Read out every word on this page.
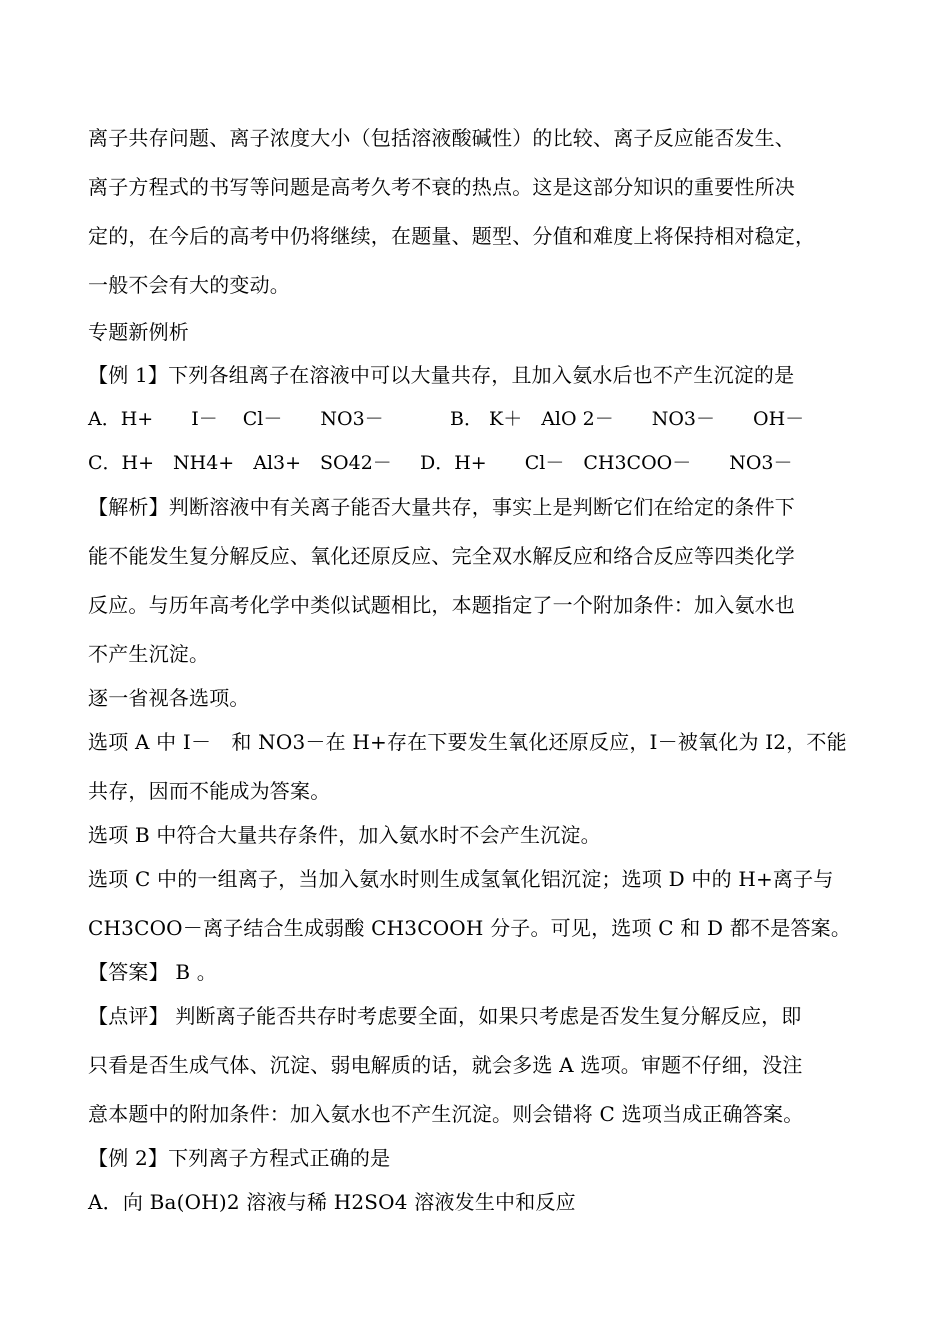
离子共存问题、离子浓度大小（包括溶液酸碱性）的比较、离子反应能否发生、
离子方程式的书写等问题是高考久考不衰的热点。这是这部分知识的重要性所决
定的，在今后的高考中仍将继续，在题量、题型、分值和难度上将保持相对稳定，
一般不会有大的变动。
专题新例析
【例 1】下列各组离子在溶液中可以大量共存，且加入氨水后也不产生沉淀的是
A．H+　　I－　 Cl－　　NO3－	B． K＋　AlO 2－　　NO3－　　OH－
C．H+　NH4+　Al3+　SO42－ D．H+　　Cl－　CH3COO－　　NO3－
【解析】判断溶液中有关离子能否大量共存，事实上是判断它们在给定的条件下
能不能发生复分解反应、氧化还原反应、完全双水解反应和络合反应等四类化学
反应。与历年高考化学中类似试题相比，本题指定了一个附加条件：加入氨水也
不产生沉淀。
逐一省视各选项。
选项 A 中 I－　和 NO3－在 H+存在下要发生氧化还原反应，I－被氧化为 I2，不能
共存，因而不能成为答案。
选项 B 中符合大量共存条件，加入氨水时不会产生沉淀。
选项 C 中的一组离子，当加入氨水时则生成氢氧化铝沉淀；选项 D 中的 H+离子与
CH3COO－离子结合生成弱酸 CH3COOH 分子。可见，选项 C 和 D 都不是答案。
【答案】 B 。
【点评】 判断离子能否共存时考虑要全面，如果只考虑是否发生复分解反应，即
只看是否生成气体、沉淀、弱电解质的话，就会多选 A 选项。审题不仔细，没注
意本题中的附加条件：加入氨水也不产生沉淀。则会错将 C 选项当成正确答案。
【例 2】下列离子方程式正确的是
A．向 Ba(OH)2 溶液与稀 H2SO4 溶液发生中和反应
